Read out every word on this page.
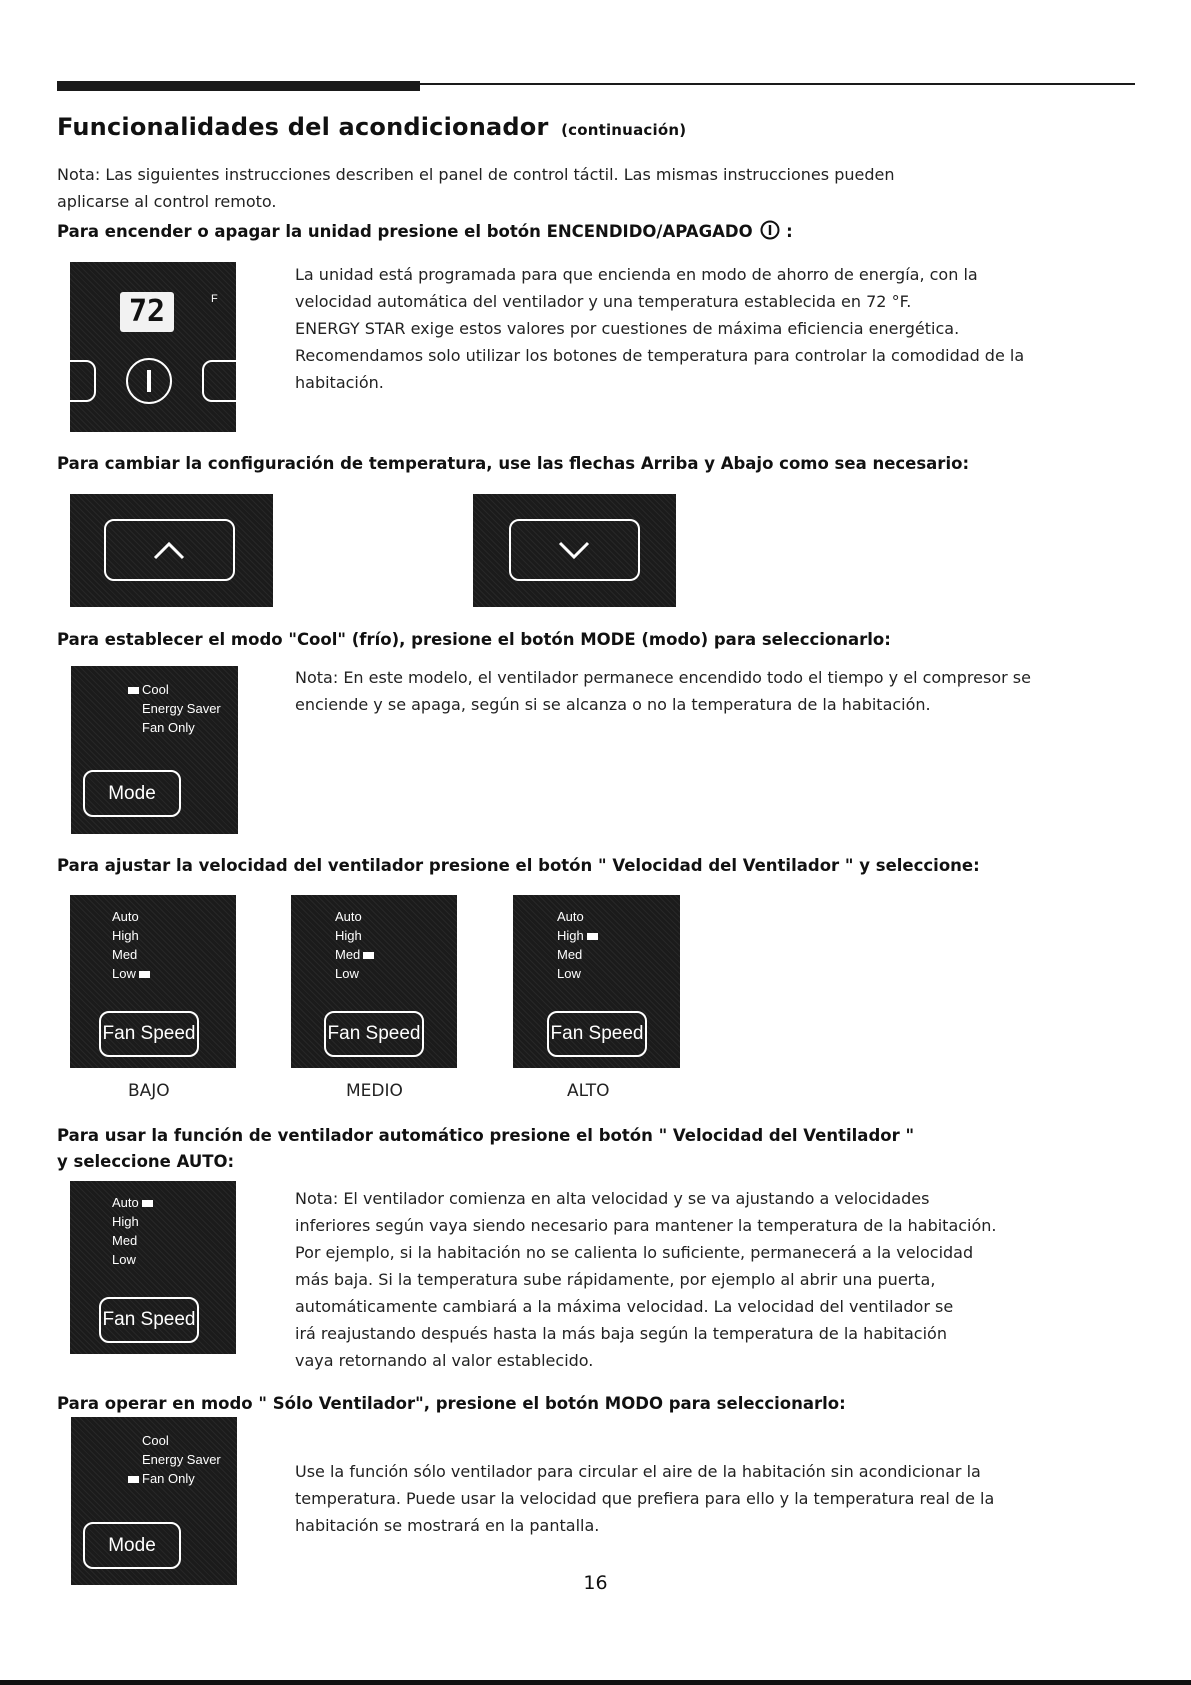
Funcionalidades del acondicionador (continuación)
Nota: Las siguientes instrucciones describen el panel de control táctil. Las mismas instrucciones pueden
aplicarse al control remoto.
Para encender o apagar la unidad presione el botón ENCENDIDO/APAGADO :
72	F
La unidad está programada para que encienda en modo de ahorro de energía, con la
velocidad automática del ventilador y una temperatura establecida en 72 °F.
ENERGY STAR exige estos valores por cuestiones de máxima eficiencia energética.
Recomendamos solo utilizar los botones de temperatura para controlar la comodidad de la
habitación.
Para cambiar la configuración de temperatura, use las flechas Arriba y Abajo como sea necesario:
Para establecer el modo "Cool" (frío), presione el botón MODE (modo) para seleccionarlo:
Cool
Energy Saver
Fan Only
Mode
Nota: En este modelo, el ventilador permanece encendido todo el tiempo y el compresor se
enciende y se apaga, según si se alcanza o no la temperatura de la habitación.
Para ajustar la velocidad del ventilador presione el botón " Velocidad del Ventilador " y seleccione:
Auto
High
Med
Low
Fan Speed
Auto
High
Med
Low
Fan Speed
Auto
High
Med
Low
Fan Speed
BAJO	MEDIO	ALTO
Para usar la función de ventilador automático presione el botón " Velocidad del Ventilador "
y seleccione AUTO:
Auto
High
Med
Low
Fan Speed
Nota: El ventilador comienza en alta velocidad y se va ajustando a velocidades
inferiores según vaya siendo necesario para mantener la temperatura de la habitación.
Por ejemplo, si la habitación no se calienta lo suficiente, permanecerá a la velocidad
más baja. Si la temperatura sube rápidamente, por ejemplo al abrir una puerta,
automáticamente cambiará a la máxima velocidad. La velocidad del ventilador se
irá reajustando después hasta la más baja según la temperatura de la habitación
vaya retornando al valor establecido.
Para operar en modo " Sólo Ventilador", presione el botón MODO para seleccionarlo:
Cool
Energy Saver
Fan Only
Mode
Use la función sólo ventilador para circular el aire de la habitación sin acondicionar la
temperatura. Puede usar la velocidad que prefiera para ello y la temperatura real de la
habitación se mostrará en la pantalla.
16
